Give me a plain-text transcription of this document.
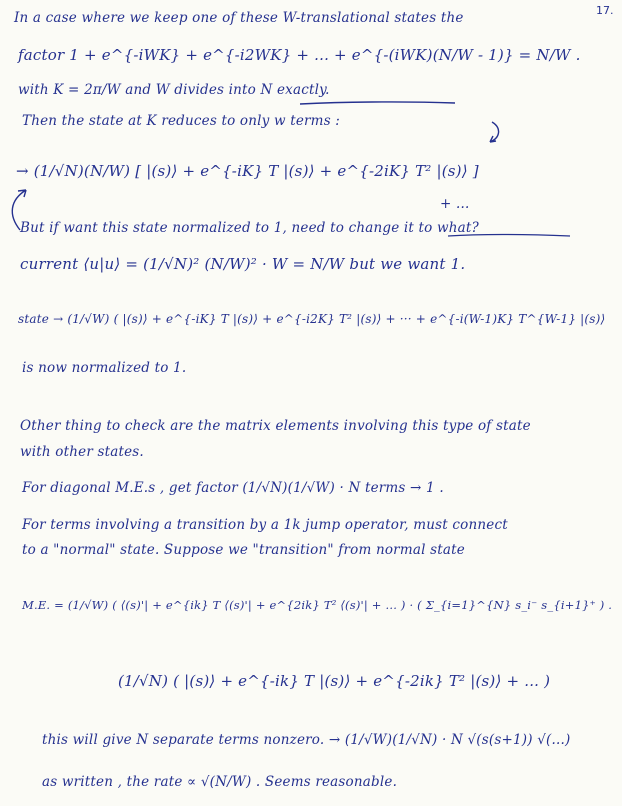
17.
In a case where we keep one of these W-translational states the
factor 1 + e^{-iWK} + e^{-i2WK} + ... + e^{-(iWK)(N/W - 1)} = N/W .
with K = 2π/W and W divides into N exactly.
Then the state at K reduces to only w terms :
→ (1/√N)(N/W) [ |(s)⟩ + e^{-iK} T |(s)⟩ + e^{-2iK} T² |(s)⟩ ]
+ ...
But if want this state normalized to 1, need to change it to what?
current ⟨u|u⟩ = (1/√N)² (N/W)² · W = N/W but we want 1.
state → (1/√W) ( |(s)⟩ + e^{-iK} T |(s)⟩ + e^{-i2K} T² |(s)⟩ + ··· + e^{-i(W-1)K} T^{W-1} |(s)⟩
is now normalized to 1.
Other thing to check are the matrix elements involving this type of state
with other states.
For diagonal M.E.s , get factor (1/√N)(1/√W) · N terms → 1 .
For terms involving a transition by a 1k jump operator, must connect
to a "normal" state. Suppose we "transition" from normal state
M.E. = (1/√W) ( ⟨(s)'| + e^{ik} T ⟨(s)'| + e^{2ik} T² ⟨(s)'| + ... ) · ( Σ_{i=1}^{N} s_i⁻ s_{i+1}⁺ ) .
(1/√N) ( |(s)⟩ + e^{-ik} T |(s)⟩ + e^{-2ik} T² |(s)⟩ + ... )
this will give N separate terms nonzero. → (1/√W)(1/√N) · N √(s(s+1)) √(...)
as written , the rate ∝ √(N/W) . Seems reasonable.
